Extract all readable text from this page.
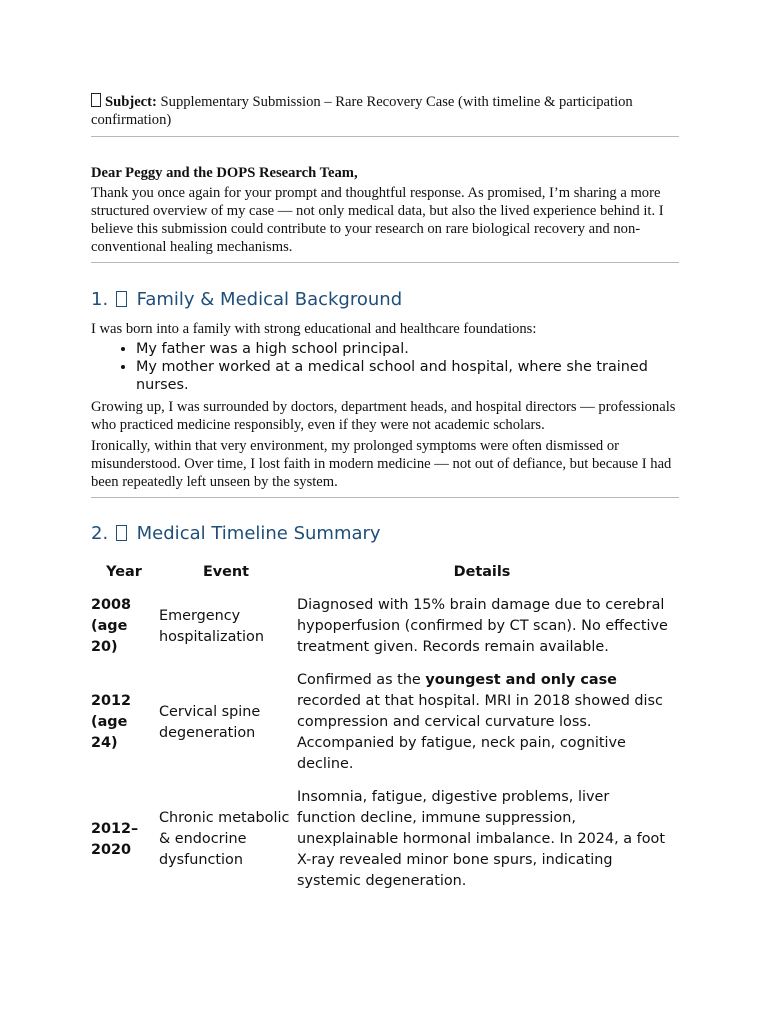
Subject: Supplementary Submission – Rare Recovery Case (with timeline & participation confirmation)
Dear Peggy and the DOPS Research Team,
Thank you once again for your prompt and thoughtful response. As promised, I’m sharing a more structured overview of my case — not only medical data, but also the lived experience behind it. I believe this submission could contribute to your research on rare biological recovery and non-conventional healing mechanisms.
1. Family & Medical Background
I was born into a family with strong educational and healthcare foundations:
• My father was a high school principal.
• My mother worked at a medical school and hospital, where she trained nurses.
Growing up, I was surrounded by doctors, department heads, and hospital directors — professionals who practiced medicine responsibly, even if they were not academic scholars.
Ironically, within that very environment, my prolonged symptoms were often dismissed or misunderstood. Over time, I lost faith in modern medicine — not out of defiance, but because I had been repeatedly left unseen by the system.
2. Medical Timeline Summary
Year	Event	Details
2008 (age 20)	Emergency hospitalization	Diagnosed with 15% brain damage due to cerebral hypoperfusion (confirmed by CT scan). No effective treatment given. Records remain available.
2012 (age 24)	Cervical spine degeneration	Confirmed as the youngest and only case recorded at that hospital. MRI in 2018 showed disc compression and cervical curvature loss. Accompanied by fatigue, neck pain, cognitive decline.
2012–2020	Chronic metabolic & endocrine dysfunction	Insomnia, fatigue, digestive problems, liver function decline, immune suppression, unexplainable hormonal imbalance. In 2024, a foot X-ray revealed minor bone spurs, indicating systemic degeneration.
